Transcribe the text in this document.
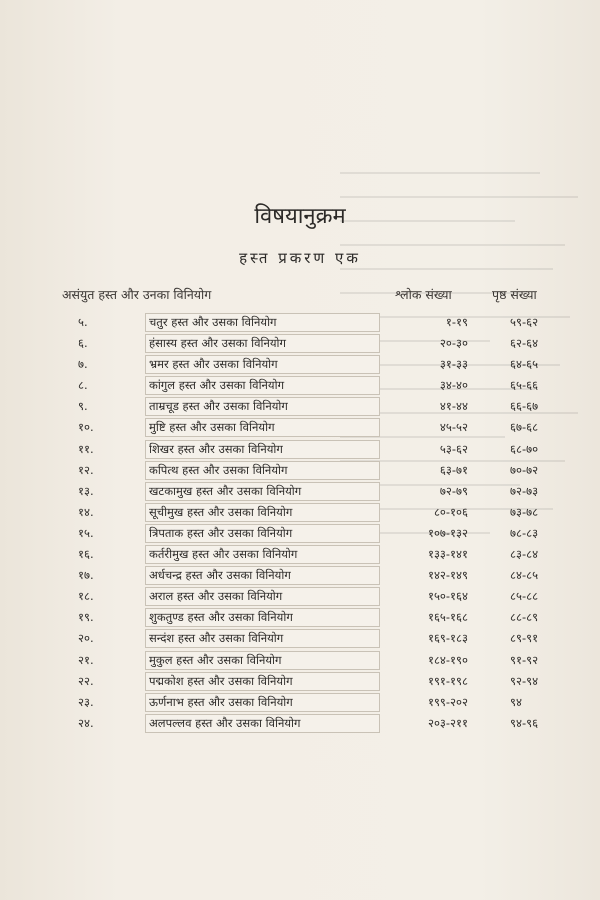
विषयानुक्रम
हस्त प्रकरण एक
असंयुत हस्त और उनका विनियोग	श्लोक संख्या	पृष्ठ संख्या
५.	चतुर हस्त और उसका विनियोग	१-१९	५९-६२
६.	हंसास्य हस्त और उसका विनियोग	२०-३०	६२-६४
७.	भ्रमर हस्त और उसका विनियोग	३१-३३	६४-६५
८.	कांगुल हस्त और उसका विनियोग	३४-४०	६५-६६
९.	ताम्रचूड हस्त और उसका विनियोग	४१-४४	६६-६७
१०.	मुष्टि हस्त और उसका विनियोग	४५-५२	६७-६८
११.	शिखर हस्त और उसका विनियोग	५३-६२	६८-७०
१२.	कपित्थ हस्त और उसका विनियोग	६३-७१	७०-७२
१३.	खटकामुख हस्त और उसका विनियोग	७२-७९	७२-७३
१४.	सूचीमुख हस्त और उसका विनियोग	८०-१०६	७३-७८
१५.	त्रिपताक हस्त और उसका विनियोग	१०७-१३२	७८-८३
१६.	कर्तरीमुख हस्त और उसका विनियोग	१३३-१४१	८३-८४
१७.	अर्धचन्द्र हस्त और उसका विनियोग	१४२-१४९	८४-८५
१८.	अराल हस्त और उसका विनियोग	१५०-१६४	८५-८८
१९.	शुकतुण्ड हस्त और उसका विनियोग	१६५-१६८	८८-८९
२०.	सन्दंश हस्त और उसका विनियोग	१६९-१८३	८९-९१
२१.	मुकुल हस्त और उसका विनियोग	१८४-१९०	९१-९२
२२.	पद्मकोश हस्त और उसका विनियोग	१९१-१९८	९२-९४
२३.	ऊर्णनाभ हस्त और उसका विनियोग	१९९-२०२	९४
२४.	अलपल्लव हस्त और उसका विनियोग	२०३-२११	९४-९६
